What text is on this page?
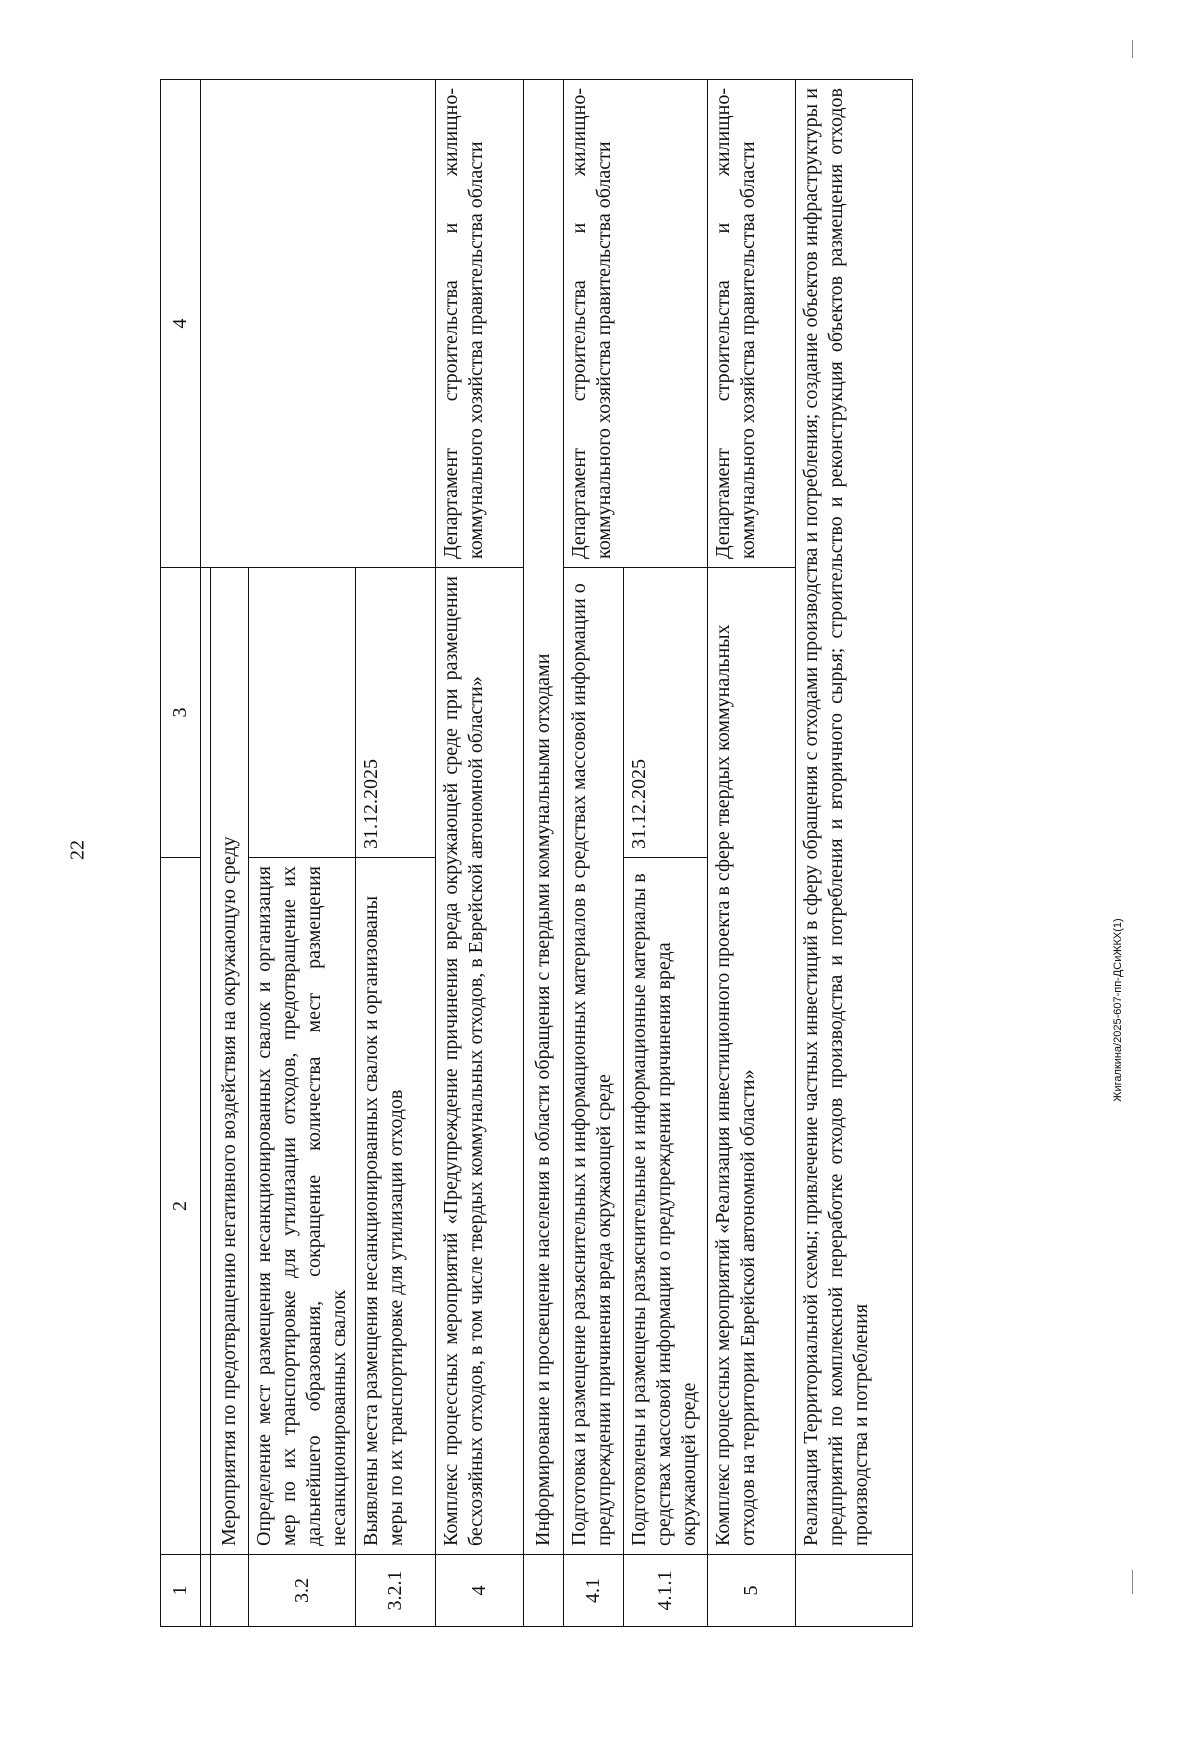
22
Жигалкина/2025-607-пп-ДСиЖКХ(1)
1	2	3	4

	Мероприятия по предотвращению негативного воздействия на окружающую среду		
3.2	Определение мест размещения несанкционированных свалок и организация мер по их транспортировке для утилизации отходов, предотвращение их дальнейшего образования, сокращение количества мест размещения несанкционированных свалок		
3.2.1	Выявлены места размещения несанкционированных свалок и организованы меры по их транспортировке для утилизации отходов	31.12.2025	
4	Комплекс процессных мероприятий «Предупреждение причинения вреда окружающей среде при размещении бесхозяйных отходов, в том числе твердых коммунальных отходов, в Еврейской автономной области»		Департамент строительства и жилищно-коммунального хозяйства правительства области
	Информирование и просвещение населения в области обращения с твердыми коммунальными отходами		
4.1	Подготовка и размещение разъяснительных и информационных материалов в средствах массовой информации о предупреждении причинения вреда окружающей среде		Департамент строительства и жилищно-коммунального хозяйства правительства области
4.1.1	Подготовлены и размещены разъяснительные и информационные материалы в средствах массовой информации о предупреждении причинения вреда окружающей среде	31.12.2025	
5	Комплекс процессных мероприятий «Реализация инвестиционного проекта в сфере твердых коммунальных отходов на территории Еврейской автономной области»		Департамент строительства и жилищно-коммунального хозяйства правительства области
	Реализация Территориальной схемы; привлечение частных инвестиций в сферу обращения с отходами производства и потребления; создание объектов инфраструктуры и предприятий по комплексной переработке отходов производства и потребления и вторичного сырья; строительство и реконструкция объектов размещения отходов производства и потребления		
